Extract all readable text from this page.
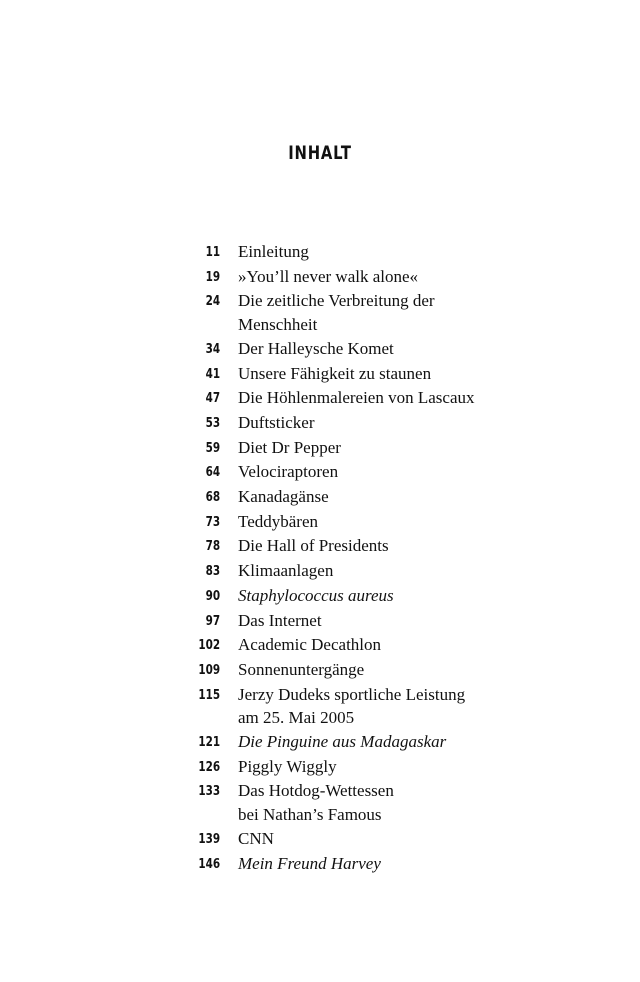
INHALT
11 Einleitung
19 »You’ll never walk alone«
24 Die zeitliche Verbreitung der
Menschheit
34 Der Halleysche Komet
41 Unsere Fähigkeit zu staunen
47 Die Höhlenmalereien von Lascaux
53 Duftsticker
59 Diet Dr Pepper
64 Velociraptoren
68 Kanadagänse
73 Teddybären
78 Die Hall of Presidents
83 Klimaanlagen
90 Staphylococcus aureus
97 Das Internet
102 Academic Decathlon
109 Sonnenuntergänge
115 Jerzy Dudeks sportliche Leistung
am 25. Mai 2005
121 Die Pinguine aus Madagaskar
126 Piggly Wiggly
133 Das Hotdog-Wettessen
bei Nathan’s Famous
139 CNN
146 Mein Freund Harvey
